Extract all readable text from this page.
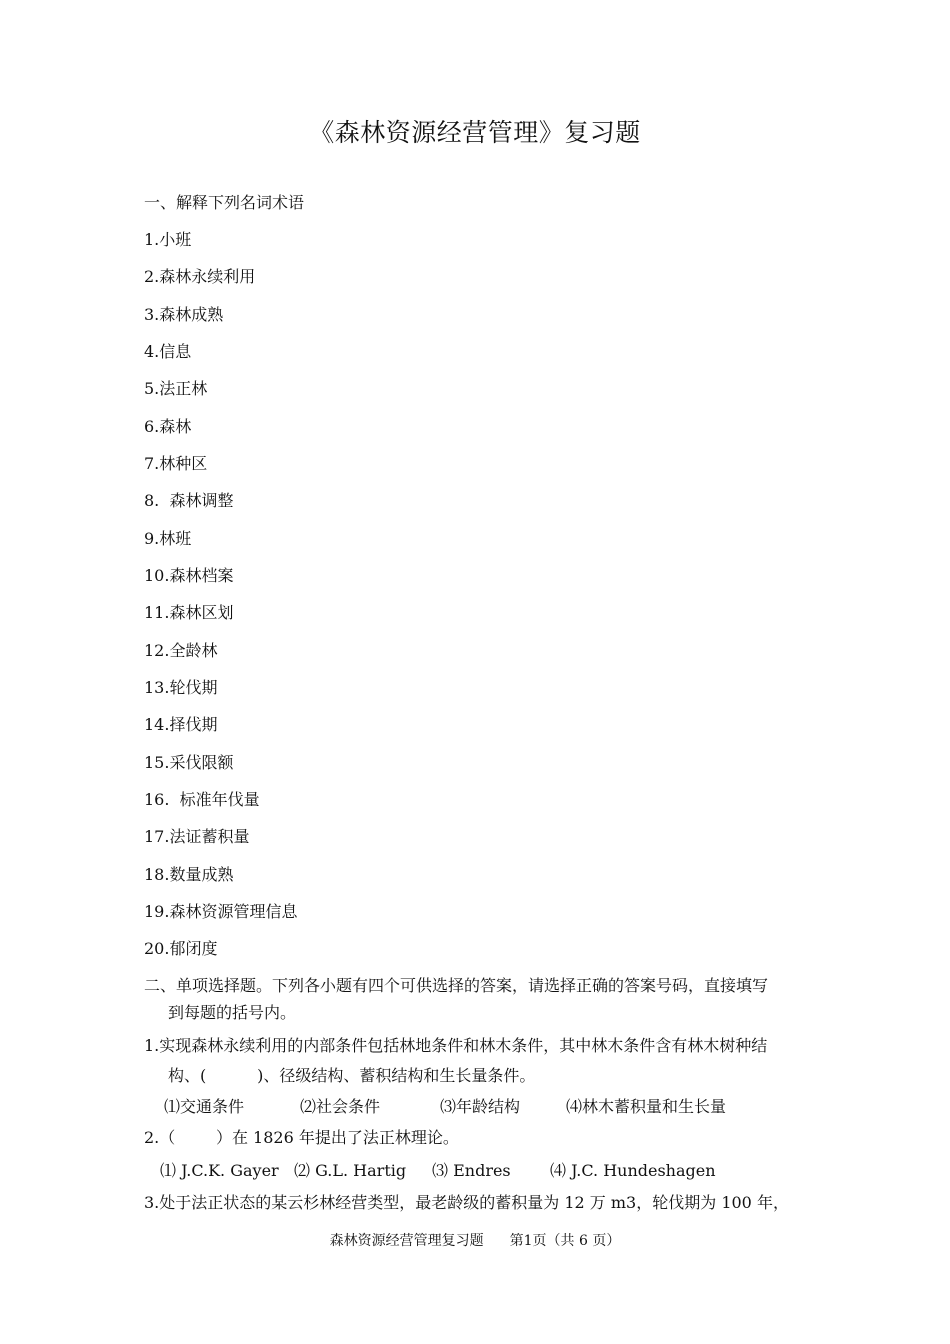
《森林资源经营管理》复习题
一、解释下列名词术语
1.小班
2.森林永续利用
3.森林成熟
4.信息
5.法正林
6.森林
7.林种区
8.  森林调整
9.林班
10.森林档案
11.森林区划
12.全龄林
13.轮伐期
14.择伐期
15.采伐限额
16.  标准年伐量
17.法证蓄积量
18.数量成熟
19.森林资源管理信息
20.郁闭度
二、单项选择题。下列各小题有四个可供选择的答案，请选择正确的答案号码，直接填写
到每题的括号内。
1.实现森林永续利用的内部条件包括林地条件和林木条件，其中林木条件含有林木树种结
构、(          )、径级结构、蓄积结构和生长量条件。
⑴交通条件	⑵社会条件	⑶年龄结构	⑷林木蓄积量和生长量
2.（        ）在 1826 年提出了法正林理论。
⑴ J.C.K. Gayer ⑵ G.L. Hartig ⑶ Endres ⑷ J.C. Hundeshagen
3.处于法正状态的某云杉林经营类型，最老龄级的蓄积量为 12 万 m3，轮伐期为 100 年，
森林资源经营管理复习题 第1页（共 6 页）
